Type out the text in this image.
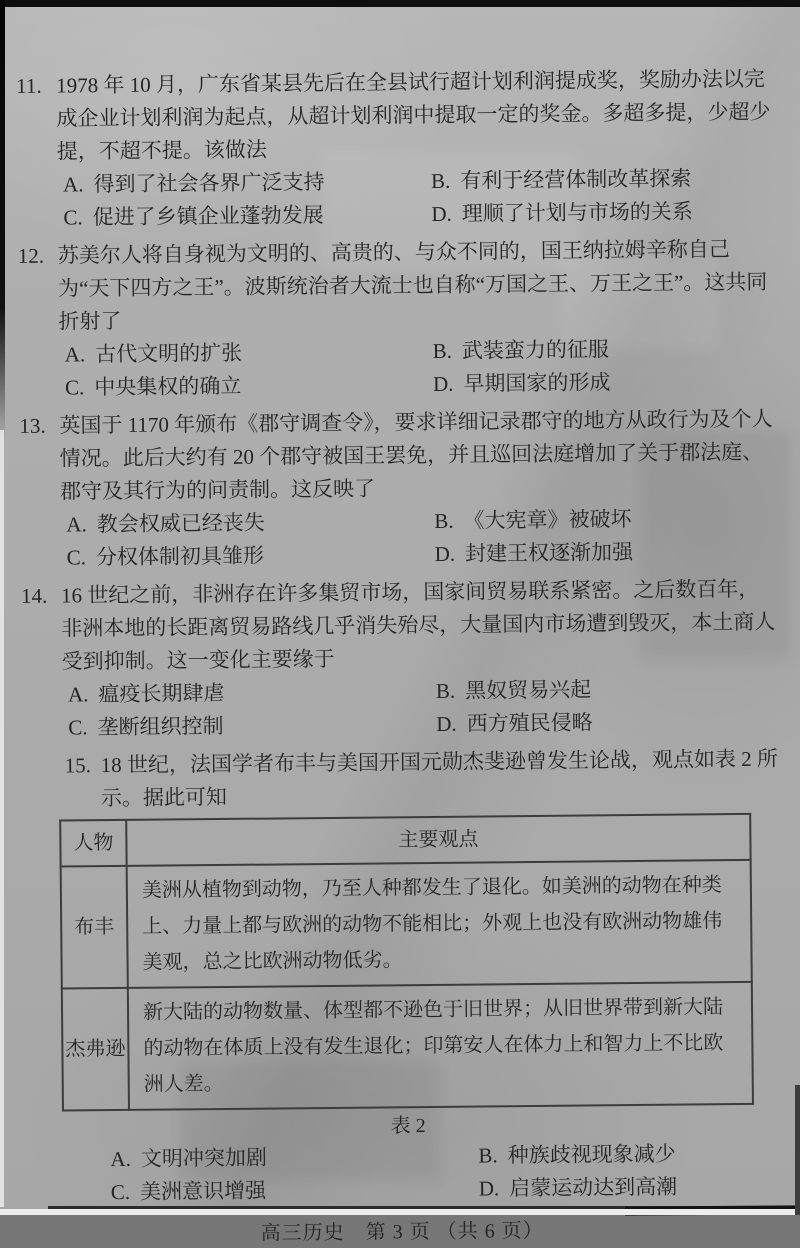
11. 1978 年 10 月，广东省某县先后在全县试行超计划利润提成奖，奖励办法以完成企业计划利润为起点，从超计划利润中提取一定的奖金。多超多提，少超少提，不超不提。该做法
A. 得到了社会各界广泛支持	B. 有利于经营体制改革探索
C. 促进了乡镇企业蓬勃发展	D. 理顺了计划与市场的关系
12. 苏美尔人将自身视为文明的、高贵的、与众不同的，国王纳拉姆辛称自己为“天下四方之王”。波斯统治者大流士也自称“万国之王、万王之王”。这共同折射了
A. 古代文明的扩张	B. 武装蛮力的征服
C. 中央集权的确立	D. 早期国家的形成
13. 英国于 1170 年颁布《郡守调查令》，要求详细记录郡守的地方从政行为及个人情况。此后大约有 20 个郡守被国王罢免，并且巡回法庭增加了关于郡法庭、郡守及其行为的问责制。这反映了
A. 教会权威已经丧失	B. 《大宪章》被破坏
C. 分权体制初具雏形	D. 封建王权逐渐加强
14. 16 世纪之前，非洲存在许多集贸市场，国家间贸易联系紧密。之后数百年，非洲本地的长距离贸易路线几乎消失殆尽，大量国内市场遭到毁灭，本土商人受到抑制。这一变化主要缘于
A. 瘟疫长期肆虐	B. 黑奴贸易兴起
C. 垄断组织控制	D. 西方殖民侵略
15. 18 世纪，法国学者布丰与美国开国元勋杰斐逊曾发生论战，观点如表 2 所示。据此可知
人物	主要观点
布丰	美洲从植物到动物，乃至人种都发生了退化。如美洲的动物在种类上、力量上都与欧洲的动物不能相比；外观上也没有欧洲动物雄伟美观，总之比欧洲动物低劣。
杰弗逊	新大陆的动物数量、体型都不逊色于旧世界；从旧世界带到新大陆的动物在体质上没有发生退化；印第安人在体力上和智力上不比欧洲人差。
表 2
A. 文明冲突加剧	B. 种族歧视现象减少
C. 美洲意识增强	D. 启蒙运动达到高潮
高三历史　第 3 页 （共 6 页）
